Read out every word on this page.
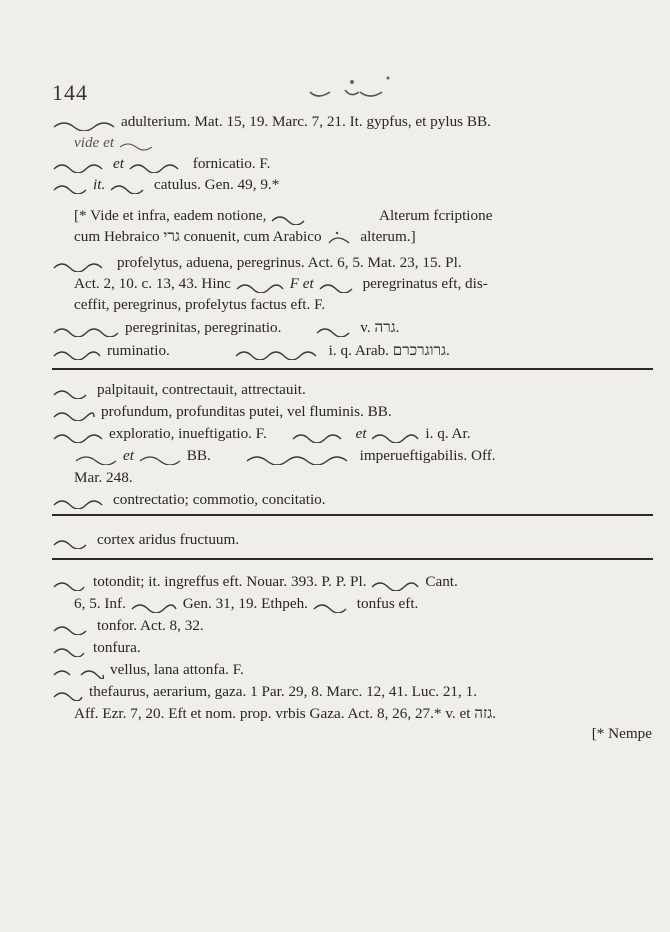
144
adulterium. Mat. 15, 19. Marc. 7, 21. It. gypfus, et pylus BB.
vide et
et	fornicatio. F.
it.	catulus. Gen. 49, 9.*
[* Vide et infra, eadem notione,	Alterum fcriptione
cum Hebraico גרי conuenit, cum Arabico	alterum.]
profelytus, aduena, peregrinus. Act. 6, 5. Mat. 23, 15. Pl.
Act. 2, 10. c. 13, 43. Hinc	F et	peregrinatus eft, dis-
ceffit, peregrinus, profelytus factus eft. F.
peregrinitas, peregrinatio.	v. גרה.
ruminatio.	i. q. Arab. גרוגרכרם.
palpitauit, contrectauit, attrectauit.
profundum, profunditas putei, vel fluminis. BB.
exploratio, inueftigatio. F.	et	i. q. Ar.
et	BB.	imperueftigabilis. Off.
Mar. 248.
contrectatio; commotio, concitatio.
cortex aridus fructuum.
totondit; it. ingreffus eft. Nouar. 393. P. P. Pl.	Cant.
6, 5. Inf.	Gen. 31, 19. Ethpeh.	tonfus eft.
tonfor. Act. 8, 32.
tonfura.
vellus, lana attonfa. F.
thefaurus, aerarium, gaza. 1 Par. 29, 8. Marc. 12, 41. Luc. 21, 1.
Aff. Ezr. 7, 20. Eft et nom. prop. vrbis Gaza. Act. 8, 26, 27.* v. et גזה.
[* Nempe
